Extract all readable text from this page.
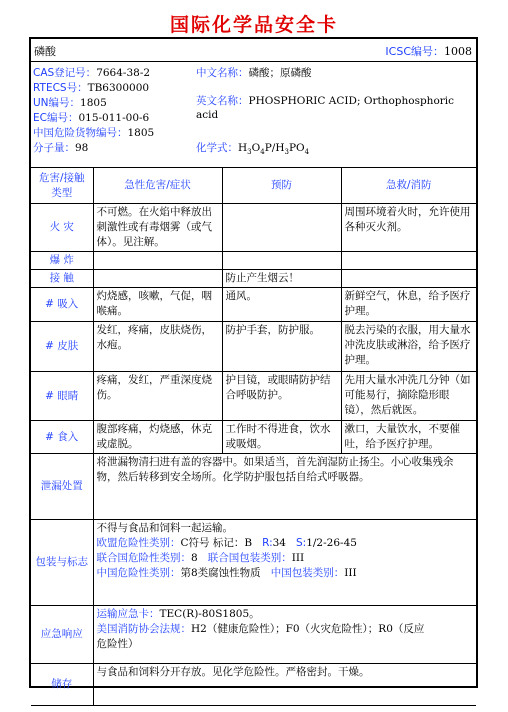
国际化学品安全卡
磷酸	ICSC编号：1008
CAS登记号：7664-38-2
RTECS号：TB6300000
UN编号：1805
EC编号：015-011-00-6
中国危险货物编号：1805
分子量：98
中文名称：磷酸；原磷酸
英文名称：PHOSPHORIC ACID; Orthophosphoric
acid
化学式：$H_3O_4P/H_3PO_4$
危害/接触类型	急性危害/症状	预防	急救/消防
火 灾	不可燃。在火焰中释放出刺激性或有毒烟雾（或气体）。见注解。		周围环境着火时，允许使用各种灭火剂。
爆 炸			
接 触		防止产生烟云！	
# 吸入	灼烧感，咳嗽，气促，咽喉痛。	通风。	新鲜空气，休息，给予医疗护理。
# 皮肤	发红，疼痛，皮肤烧伤，水疱。	防护手套，防护服。	脱去污染的衣服，用大量水冲洗皮肤或淋浴，给予医疗护理。
# 眼睛	疼痛，发红，严重深度烧伤。	护目镜，或眼睛防护结合呼吸防护。	先用大量水冲洗几分钟（如可能易行，摘除隐形眼镜），然后就医。
# 食入	腹部疼痛，灼烧感，休克或虚脱。	工作时不得进食，饮水或吸烟。	漱口，大量饮水，不要催吐，给予医疗护理。
泄漏处置	将泄漏物清扫进有盖的容器中。如果适当，首先润湿防止扬尘。小心收集残余物，然后转移到安全场所。化学防护服包括自给式呼吸器。		
包装与标志	不得与食品和饲料一起运输。
欧盟危险性类别：C符号 标记：B R:34 S:1/2-26-45
联合国危险性类别：8 联合国包装类别：III
中国危险性类别：第8类腐蚀性物质 中国包装类别：III		

应急响应	运输应急卡：TEC(R)-80S1805。
美国消防协会法规：H2（健康危险性）；F0（火灾危险性）；R0（反应
危险性）		

储存	与食品和饲料分开存放。见化学危险性。严格密封。干燥。		
